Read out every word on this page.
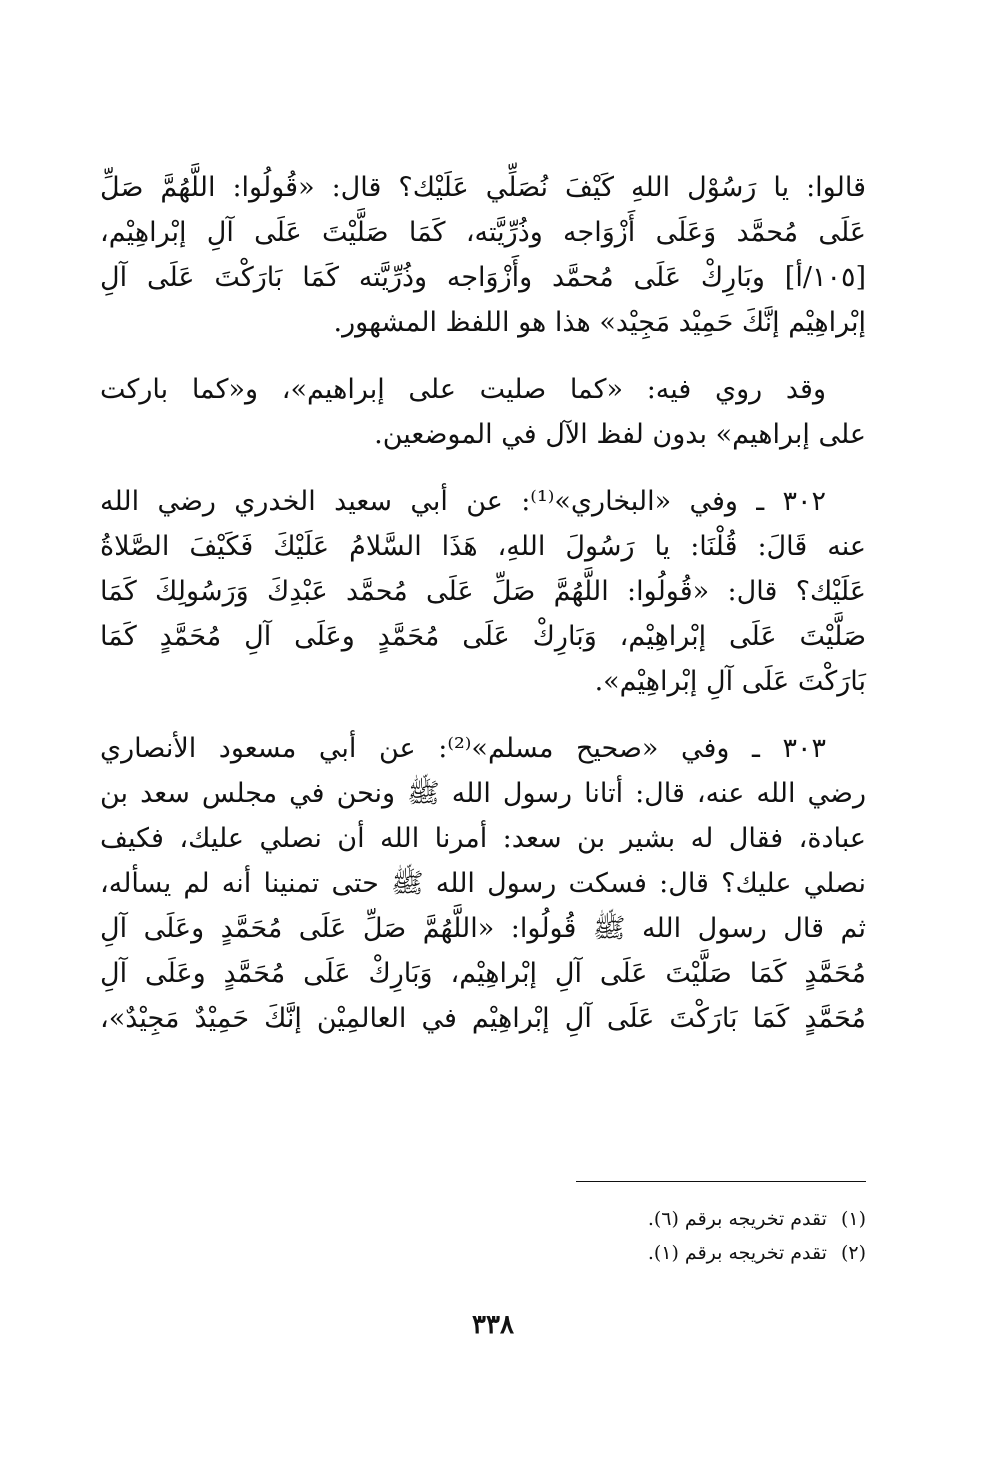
قالوا: يا رَسُوْل اللهِ كَيْفَ نُصَلِّي عَلَيْك؟ قال: «قُولُوا: اللَّهُمَّ صَلِّ
عَلَى مُحمَّد وَعَلَى أَزْوَاجه وذُرِّيَّته، كَمَا صَلَّيْتَ عَلَى آلِ إبْراهِيْم،
[١٠٥/أ] وبَارِكْ عَلَى مُحمَّد وأَزْوَاجه وذُرِّيَّته كَمَا بَارَكْتَ عَلَى آلِ
إبْراهِيْم إنَّكَ حَمِيْد مَجِيْد» هذا هو اللفظ المشهور.
وقد روي فيه: «كما صليت على إبراهيم»، و«كما باركت
على إبراهيم» بدون لفظ الآل في الموضعين.
٣٠٢ ـ وفي «البخاري»⁽¹⁾: عن أبي سعيد الخدري رضي الله
عنه قَالَ: قُلْنَا: يا رَسُولَ اللهِ، هَذَا السَّلامُ عَلَيْكَ فَكَيْفَ الصَّلاةُ
عَلَيْك؟ قال: «قُولُوا: اللَّهُمَّ صَلِّ عَلَى مُحمَّد عَبْدِكَ وَرَسُولِكَ كَمَا
صَلَّيْتَ عَلَى إبْراهِيْم، وَبَارِكْ عَلَى مُحَمَّدٍ وعَلَى آلِ مُحَمَّدٍ كَمَا
بَارَكْتَ عَلَى آلِ إبْراهِيْم».
٣٠٣ ـ وفي «صحيح مسلم»⁽²⁾: عن أبي مسعود الأنصاري
رضي الله عنه، قال: أتانا رسول الله ﷺ ونحن في مجلس سعد بن
عبادة، فقال له بشير بن سعد: أمرنا الله أن نصلي عليك، فكيف
نصلي عليك؟ قال: فسكت رسول الله ﷺ حتى تمنينا أنه لم يسأله،
ثم قال رسول الله ﷺ قُولُوا: «اللَّهُمَّ صَلِّ عَلَى مُحَمَّدٍ وعَلَى آلِ
مُحَمَّدٍ كَمَا صَلَّيْتَ عَلَى آلِ إبْراهِيْم، وَبَارِكْ عَلَى مُحَمَّدٍ وعَلَى آلِ
مُحَمَّدٍ كَمَا بَارَكْتَ عَلَى آلِ إبْراهِيْم في العالمِيْن إنَّكَ حَمِيْدٌ مَجِيْدٌ»،
(١)تقدم تخريجه برقم (٦).
(٢)تقدم تخريجه برقم (١).
٣٣٨
